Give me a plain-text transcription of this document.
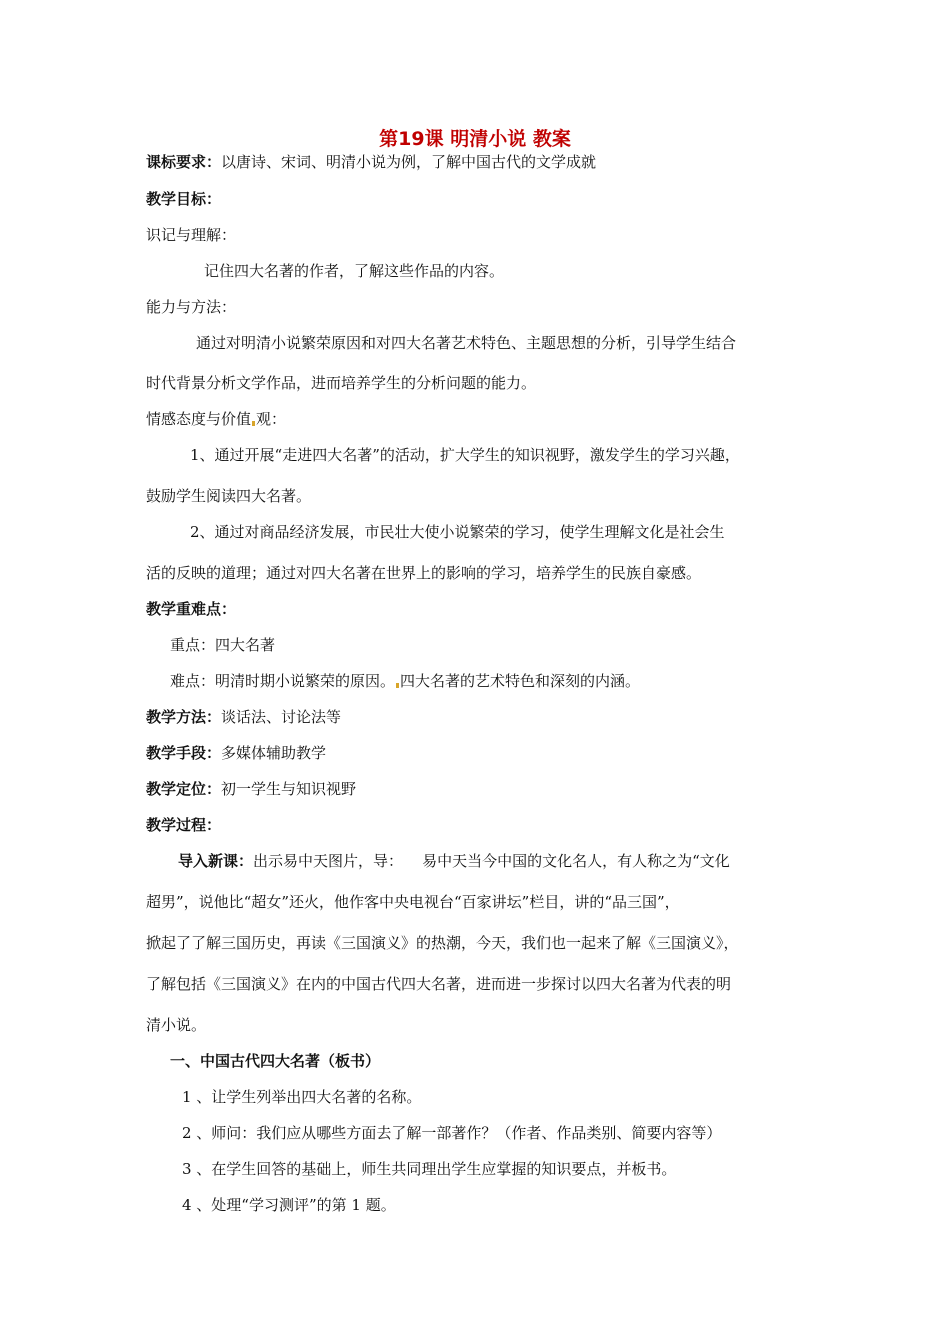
第19课 明清小说 教案
课标要求：以唐诗、宋词、明清小说为例，了解中国古代的文学成就
教学目标：
识记与理解：
记住四大名著的作者，了解这些作品的内容。
能力与方法：
通过对明清小说繁荣原因和对四大名著艺术特色、主题思想的分析，引导学生结合
时代背景分析文学作品，进而培养学生的分析问题的能力。
情感态度与价值 观：
1、通过开展“走进四大名著”的活动，扩大学生的知识视野，激发学生的学习兴趣，
鼓励学生阅读四大名著。
2、通过对商品经济发展，市民壮大使小说繁荣的学习，使学生理解文化是社会生
活的反映的道理；通过对四大名著在世界上的影响的学习，培养学生的民族自豪感。
教学重难点：
重点：四大名著
难点：明清时期小说繁荣的原因。 四大名著的艺术特色和深刻的内涵。
教学方法：谈话法、讨论法等
教学手段：多媒体辅助教学
教学定位：初一学生与知识视野
教学过程：
导入新课：出示易中天图片，导：    易中天当今中国的文化名人，有人称之为“文化
超男”，说他比“超女”还火，他作客中央电视台“百家讲坛”栏目，讲的“品三国”，
掀起了了解三国历史，再读《三国演义》的热潮，今天，我们也一起来了解《三国演义》，
了解包括《三国演义》在内的中国古代四大名著，进而进一步探讨以四大名著为代表的明
清小说。
一、中国古代四大名著（板书）
1 、让学生列举出四大名著的名称。
2 、师问：我们应从哪些方面去了解一部著作？（作者、作品类别、简要内容等）
3 、在学生回答的基础上，师生共同理出学生应掌握的知识要点，并板书。
4 、处理“学习测评”的第 1 题。
